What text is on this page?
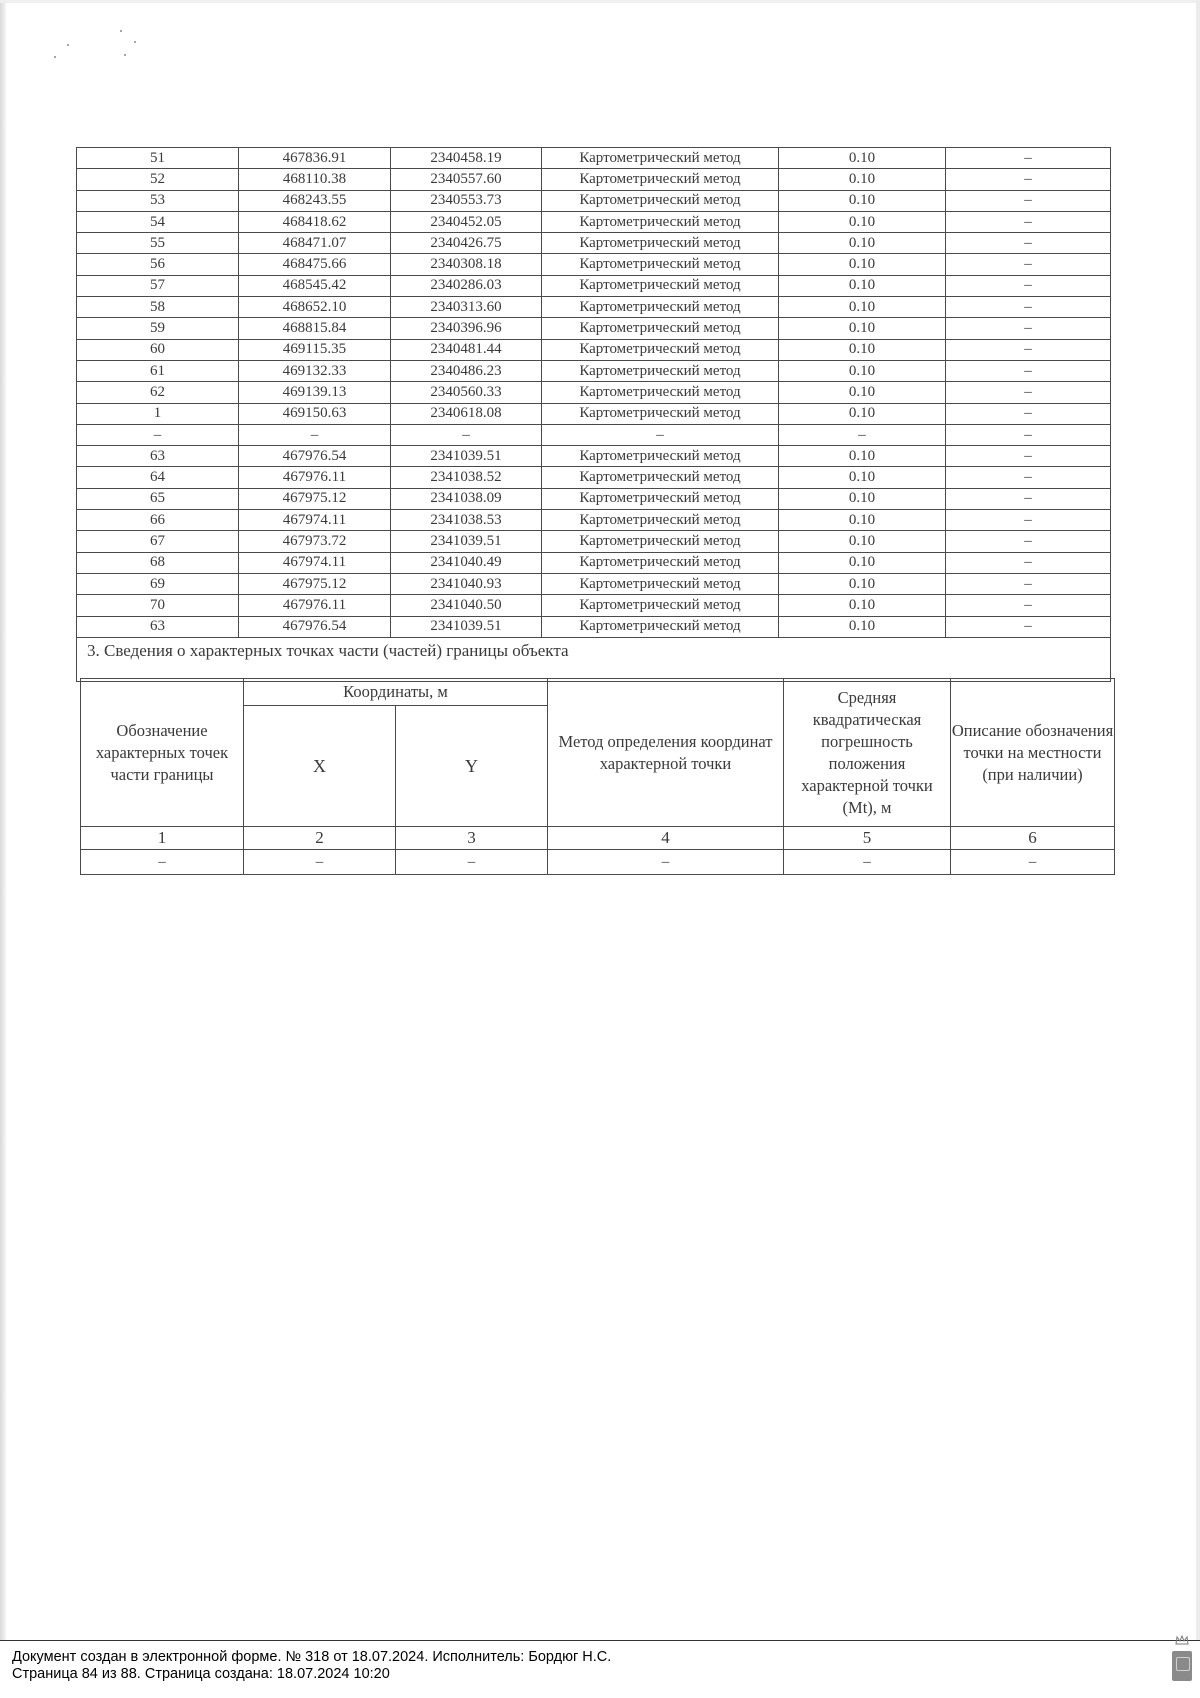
51	467836.91	2340458.19	Картометрический метод	0.10	–
52	468110.38	2340557.60	Картометрический метод	0.10	–
53	468243.55	2340553.73	Картометрический метод	0.10	–
54	468418.62	2340452.05	Картометрический метод	0.10	–
55	468471.07	2340426.75	Картометрический метод	0.10	–
56	468475.66	2340308.18	Картометрический метод	0.10	–
57	468545.42	2340286.03	Картометрический метод	0.10	–
58	468652.10	2340313.60	Картометрический метод	0.10	–
59	468815.84	2340396.96	Картометрический метод	0.10	–
60	469115.35	2340481.44	Картометрический метод	0.10	–
61	469132.33	2340486.23	Картометрический метод	0.10	–
62	469139.13	2340560.33	Картометрический метод	0.10	–
1	469150.63	2340618.08	Картометрический метод	0.10	–
–	–	–	–	–	–
63	467976.54	2341039.51	Картометрический метод	0.10	–
64	467976.11	2341038.52	Картометрический метод	0.10	–
65	467975.12	2341038.09	Картометрический метод	0.10	–
66	467974.11	2341038.53	Картометрический метод	0.10	–
67	467973.72	2341039.51	Картометрический метод	0.10	–
68	467974.11	2341040.49	Картометрический метод	0.10	–
69	467975.12	2341040.93	Картометрический метод	0.10	–
70	467976.11	2341040.50	Картометрический метод	0.10	–
63	467976.54	2341039.51	Картометрический метод	0.10	–
3. Сведения о характерных точках части (частей) границы объекта					
Обозначение характерных точек части границы	Координаты, м		Метод определения координат характерной точки	Средняя квадратическая погрешность положения характерной точки (Mt), м	Описание обозначения точки на местности (при наличии)
	X	Y			
1	2	3	4	5	6
–	–	–	–	–	–
Документ создан в электронной форме. № 318 от 18.07.2024. Исполнитель: Бордюг Н.С.
Страница 84 из 88. Страница создана: 18.07.2024 10:20
